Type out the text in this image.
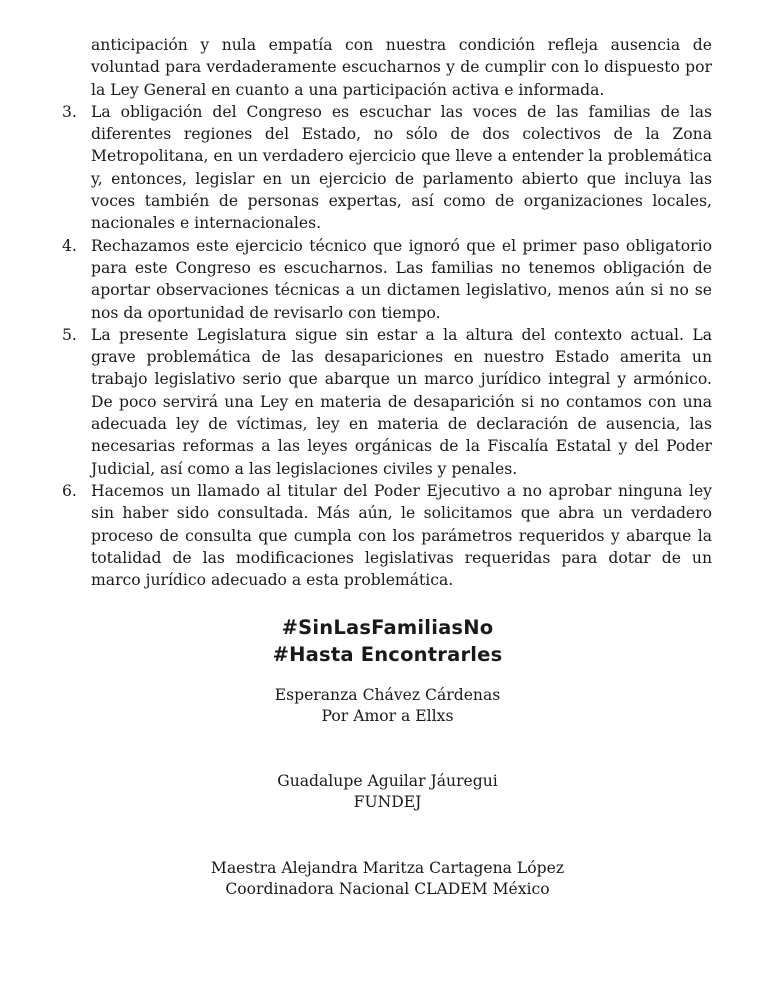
anticipación y nula empatía con nuestra condición refleja ausencia de voluntad para verdaderamente escucharnos y de cumplir con lo dispuesto por la Ley General en cuanto a una participación activa e informada.
3. La obligación del Congreso es escuchar las voces de las familias de las diferentes regiones del Estado, no sólo de dos colectivos de la Zona Metropolitana, en un verdadero ejercicio que lleve a entender la problemática y, entonces, legislar en un ejercicio de parlamento abierto que incluya las voces también de personas expertas, así como de organizaciones locales, nacionales e internacionales.
4. Rechazamos este ejercicio técnico que ignoró que el primer paso obligatorio para este Congreso es escucharnos. Las familias no tenemos obligación de aportar observaciones técnicas a un dictamen legislativo, menos aún si no se nos da oportunidad de revisarlo con tiempo.
5. La presente Legislatura sigue sin estar a la altura del contexto actual. La grave problemática de las desapariciones en nuestro Estado amerita un trabajo legislativo serio que abarque un marco jurídico integral y armónico. De poco servirá una Ley en materia de desaparición si no contamos con una adecuada ley de víctimas, ley en materia de declaración de ausencia, las necesarias reformas a las leyes orgánicas de la Fiscalía Estatal y del Poder Judicial, así como a las legislaciones civiles y penales.
6. Hacemos un llamado al titular del Poder Ejecutivo a no aprobar ninguna ley sin haber sido consultada. Más aún, le solicitamos que abra un verdadero proceso de consulta que cumpla con los parámetros requeridos y abarque la totalidad de las modificaciones legislativas requeridas para dotar de un marco jurídico adecuado a esta problemática.
#SinLasFamiliasNo
#Hasta Encontrarles
Esperanza Chávez Cárdenas
Por Amor a Ellxs
Guadalupe Aguilar Jáuregui
FUNDEJ
Maestra Alejandra Maritza Cartagena López
Coordinadora Nacional CLADEM México
